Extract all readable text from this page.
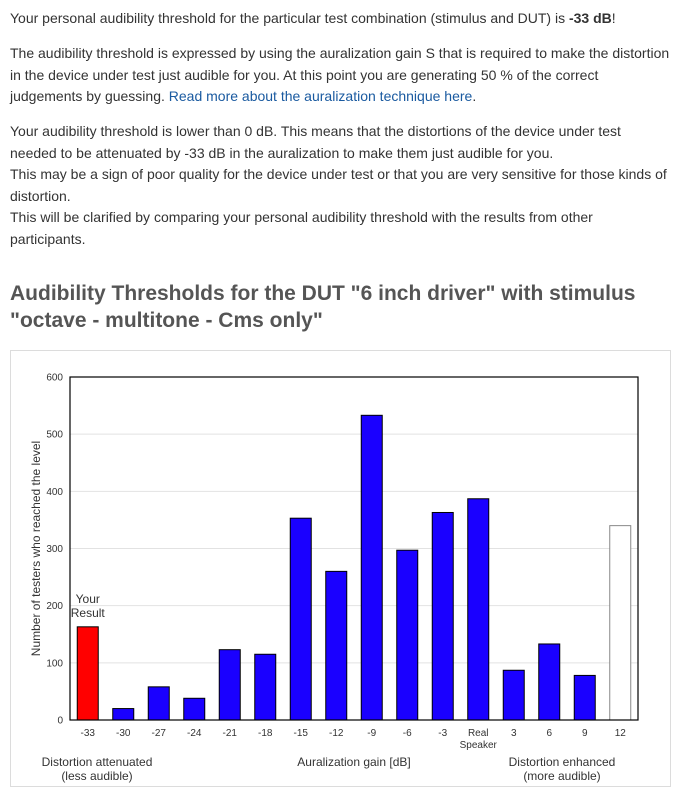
Your personal audibility threshold for the particular test combination (stimulus and DUT) is -33 dB!

The audibility threshold is expressed by using the auralization gain S that is required to make the distortion in the device under test just audible for you. At this point you are generating 50 % of the correct judgements by guessing. Read more about the auralization technique here.

Your audibility threshold is lower than 0 dB. This means that the distortions of the device under test needed to be attenuated by -33 dB in the auralization to make them just audible for you.
This may be a sign of poor quality for the device under test or that you are very sensitive for those kinds of distortion.
This will be clarified by comparing your personal audibility threshold with the results from other participants.

Audibility Thresholds for the DUT "6 inch driver" with stimulus "octave - multitone - Cms only"
0
100
200
300
400
500
600
-33
Your Result
-30 -27 -24 -21 -18 -15 -12 -9	-6	-3	Real Speaker
3	6	9	12
Number of testers who reached the level
Auralization gain [dB]
Distortion attenuated (less audible)
Distortion enhanced (more audible)
